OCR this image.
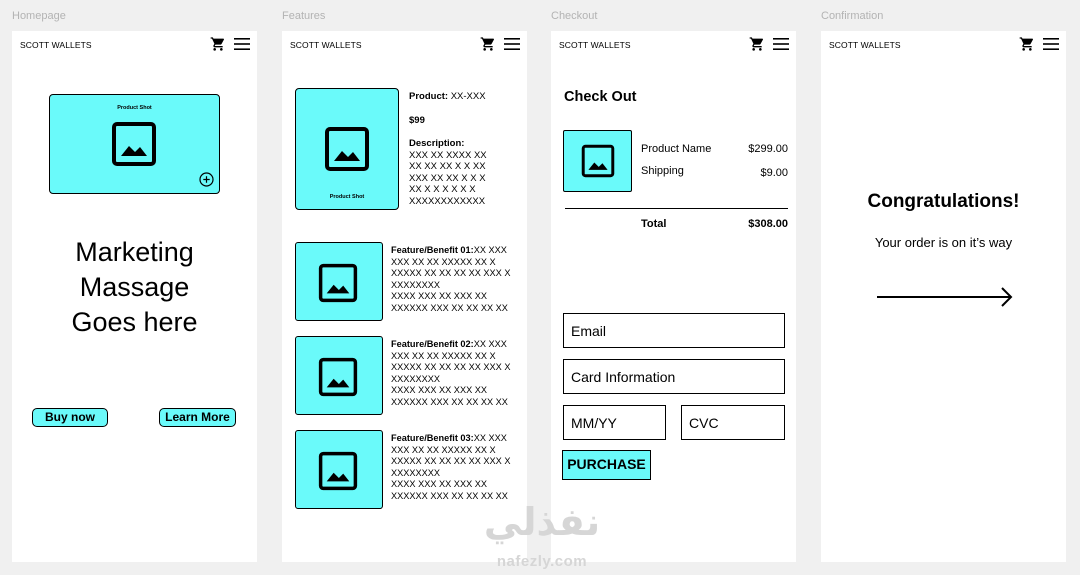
Homepage	Features	Checkout	Confirmation
SCOTT WALLETS
Product Shot
Marketing
Massage
Goes here
Buy now	Learn More
SCOTT WALLETS
Product Shot
Product: XX-XXX
$99
Description:
XXX XX XXXX XX
XX XX XX X X XX
XXX XX XX X X X
XX X X X X X X
XXXXXXXXXXXX
Feature/Benefit 01:XX XXX
XXX XX XX XXXXX XX X
XXXXX XX XX XX XX XXX X
XXXXXXXX
XXXX XXX XX XXX XX
XXXXXX XXX XX XX XX XX
Feature/Benefit 02:XX XXX
XXX XX XX XXXXX XX X
XXXXX XX XX XX XX XXX X
XXXXXXXX
XXXX XXX XX XXX XX
XXXXXX XXX XX XX XX XX
Feature/Benefit 03:XX XXX
XXX XX XX XXXXX XX X
XXXXX XX XX XX XX XXX X
XXXXXXXX
XXXX XXX XX XXX XX
XXXXXX XXX XX XX XX XX
SCOTT WALLETS
Check Out
Product Name	$299.00
Shipping	$9.00
Total	$308.00
Email
Card Information
MM/YY
CVC
PURCHASE
SCOTT WALLETS
Congratulations!
Your order is on it’s way
نفذلي
nafezly.com
